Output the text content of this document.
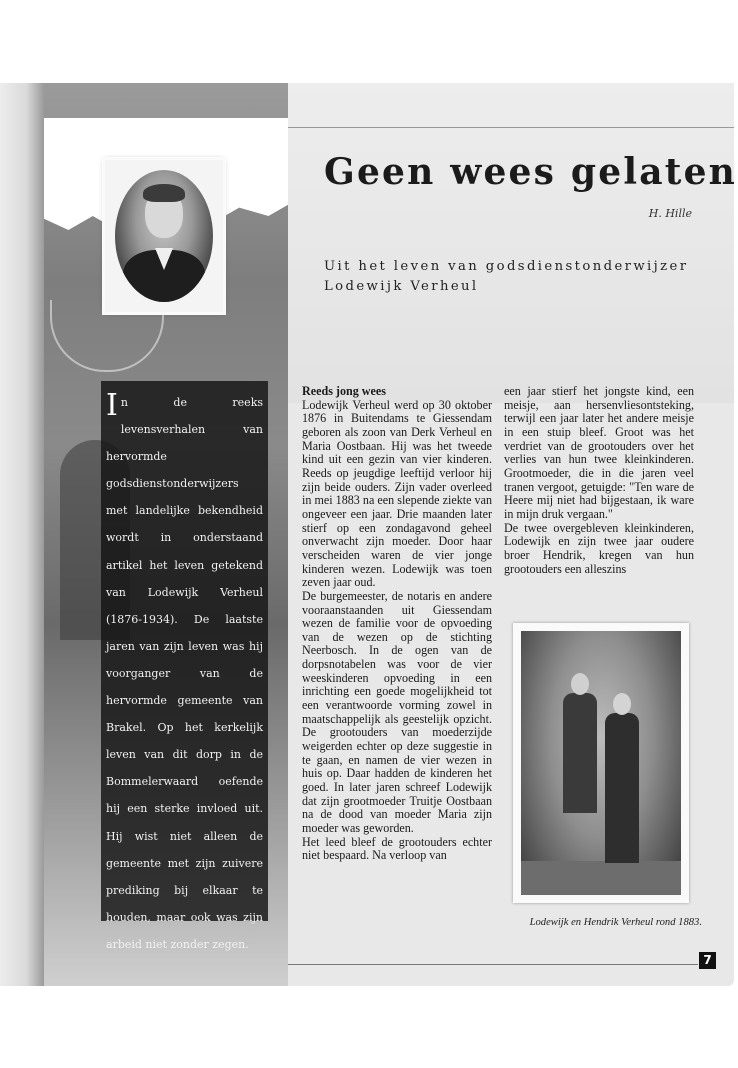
In de reeks levensverhalen van hervormde godsdienstonderwijzers met landelijke bekendheid wordt in onderstaand artikel het leven getekend van Lodewijk Verheul (1876-1934). De laatste jaren van zijn leven was hij voorganger van de hervormde gemeente van Brakel. Op het kerkelijk leven van dit dorp in de Bommelerwaard oefende hij een sterke invloed uit. Hij wist niet alleen de gemeente met zijn zuivere prediking bij elkaar te houden, maar ook was zijn arbeid niet zonder zegen.

Geen wees gelaten
H. Hille

Uit het leven van godsdienstonderwijzer Lodewijk Verheul

Reeds jong wees

Lodewijk Verheul werd op 30 oktober 1876 in Buitendams te Giessendam geboren als zoon van Derk Verheul en Maria Oostbaan. Hij was het tweede kind uit een gezin van vier kinderen. Reeds op jeugdige leeftijd verloor hij zijn beide ouders. Zijn vader overleed in mei 1883 na een slepende ziekte van ongeveer een jaar. Drie maanden later stierf op een zondagavond geheel onverwacht zijn moeder. Door haar verscheiden waren de vier jonge kinderen wezen. Lodewijk was toen zeven jaar oud.

De burgemeester, de notaris en andere vooraanstaanden uit Giessendam wezen de familie voor de opvoeding van de wezen op de stichting Neerbosch. In de ogen van de dorpsnotabelen was voor de vier weeskinderen opvoeding in een inrichting een goede mogelijkheid tot een verantwoorde vorming zowel in maatschappelijk als geestelijk opzicht. De grootouders van moederzijde weigerden echter op deze suggestie in te gaan, en namen de vier wezen in huis op. Daar hadden de kinderen het goed. In later jaren schreef Lodewijk dat zijn grootmoeder Truitje Oostbaan na de dood van moeder Maria zijn moeder was geworden.

Het leed bleef de grootouders echter niet bespaard. Na verloop van

een jaar stierf het jongste kind, een meisje, aan hersenvliesontsteking, terwijl een jaar later het andere meisje in een stuip bleef. Groot was het verdriet van de grootouders over het verlies van hun twee kleinkinderen. Grootmoeder, die in die jaren veel tranen vergoot, getuigde: "Ten ware de Heere mij niet had bijgestaan, ik ware in mijn druk vergaan."

De twee overgebleven kleinkinderen, Lodewijk en zijn twee jaar oudere broer Hendrik, kregen van hun grootouders een alleszins

Lodewijk en Hendrik Verheul rond 1883.

7
